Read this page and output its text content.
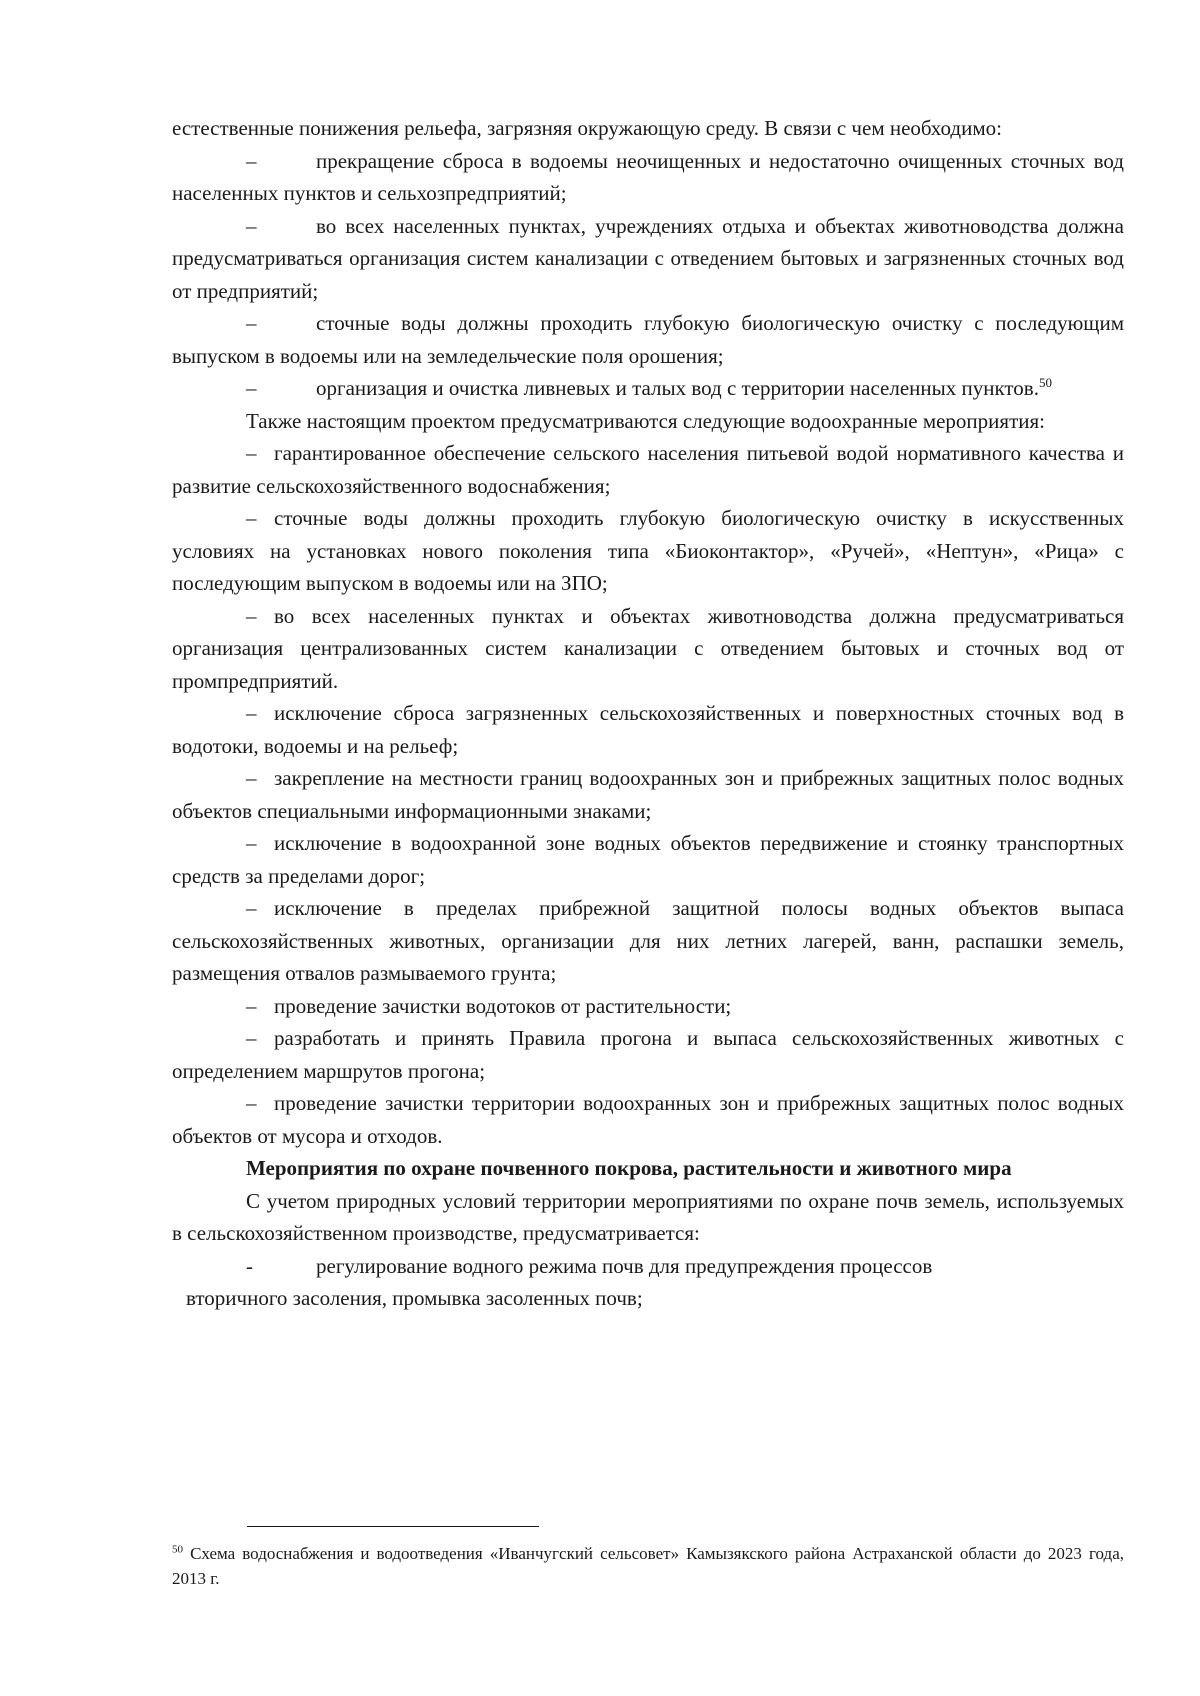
естественные понижения рельефа, загрязняя окружающую среду. В связи с чем необходимо:

–	прекращение сброса в водоемы неочищенных и недостаточно очищенных сточных вод населенных пунктов и сельхозпредприятий;

–	во всех населенных пунктах, учреждениях отдыха и объектах животноводства должна предусматриваться организация систем канализации с отведением бытовых и загрязненных сточных вод от предприятий;

–	сточные воды должны проходить глубокую биологическую очистку с последующим выпуском в водоемы или на земледельческие поля орошения;

–	организация и очистка ливневых и талых вод с территории населенных пунктов.$^{50}$

Также настоящим проектом предусматриваются следующие водоохранные мероприятия:

– гарантированное обеспечение сельского населения питьевой водой нормативного качества и развитие сельскохозяйственного водоснабжения;

– сточные воды должны проходить глубокую биологическую очистку в искусственных условиях на установках нового поколения типа «Биоконтактор», «Ручей», «Нептун», «Рица» с последующим выпуском в водоемы или на ЗПО;

– во всех населенных пунктах и объектах животноводства должна предусматриваться организация централизованных систем канализации с отведением бытовых и сточных вод от промпредприятий.

– исключение сброса загрязненных сельскохозяйственных и поверхностных сточных вод в водотоки, водоемы и на рельеф;

– закрепление на местности границ водоохранных зон и прибрежных защитных полос водных объектов специальными информационными знаками;

– исключение в водоохранной зоне водных объектов передвижение и стоянку транспортных средств за пределами дорог;

– исключение в пределах прибрежной защитной полосы водных объектов выпаса сельскохозяйственных животных, организации для них летних лагерей, ванн, распашки земель, размещения отвалов размываемого грунта;

– проведение зачистки водотоков от растительности;

– разработать и принять Правила прогона и выпаса сельскохозяйственных животных с определением маршрутов прогона;

– проведение зачистки территории водоохранных зон и прибрежных защитных полос водных объектов от мусора и отходов.

Мероприятия по охране почвенного покрова, растительности и животного мира

С учетом природных условий территории мероприятиями по охране почв земель, используемых в сельскохозяйственном производстве, предусматривается:

-	регулирование водного режима почв для предупреждения процессов
вторичного засоления, промывка засоленных почв;

$^{50}$ Схема водоснабжения и водоотведения «Иванчугский сельсовет» Камызякского района Астраханской области до 2023 года, 2013 г.
